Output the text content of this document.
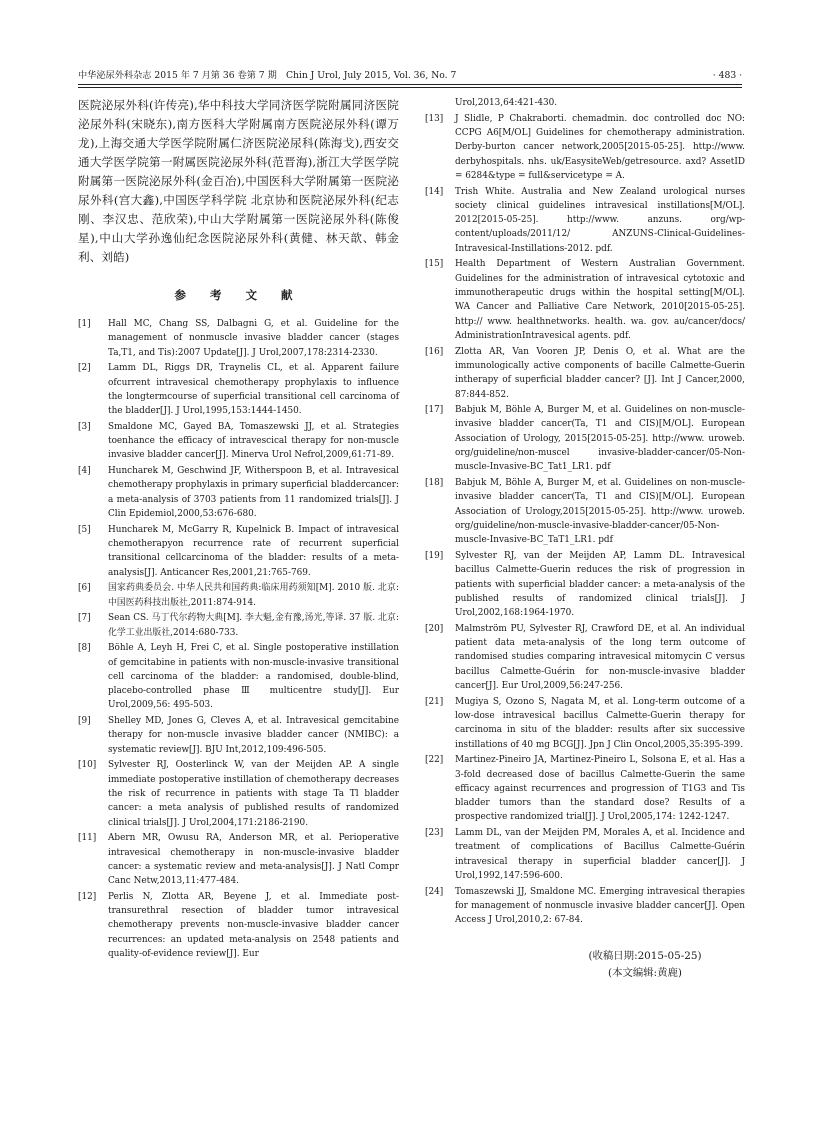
中华泌尿外科杂志 2015 年 7 月第 36 卷第 7 期　Chin J Urol, July 2015, Vol. 36, No. 7	· 483 ·

医院泌尿外科(许传亮),华中科技大学同济医学院附属同济医院泌尿外科(宋晓东),南方医科大学附属南方医院泌尿外科(谭万龙),上海交通大学医学院附属仁济医院泌尿科(陈海戈),西安交通大学医学院第一附属医院泌尿外科(范晋海),浙江大学医学院附属第一医院泌尿外科(金百冶),中国医科大学附属第一医院泌尿外科(宫大鑫),中国医学科学院 北京协和医院泌尿外科(纪志刚、李汉忠、范欣荣),中山大学附属第一医院泌尿外科(陈俊星),中山大学孙逸仙纪念医院泌尿外科(黄健、林天歆、韩金利、刘皓)

参 考 文 献
[1]	Hall MC, Chang SS, Dalbagni G, et al. Guideline for the management of nonmuscle invasive bladder cancer (stages Ta,T1, and Tis):2007 Update[J]. J Urol,2007,178:2314-2330.
[2]	Lamm DL, Riggs DR, Traynelis CL, et al. Apparent failure ofcurrent intravesical chemotherapy prophylaxis to influence the longtermcourse of superficial transitional cell carcinoma of the bladder[J]. J Urol,1995,153:1444-1450.
[3]	Smaldone MC, Gayed BA, Tomaszewski JJ, et al. Strategies toenhance the efficacy of intravescical therapy for non-muscle invasive bladder cancer[J]. Minerva Urol Nefrol,2009,61:71-89.
[4]	Huncharek M, Geschwind JF, Witherspoon B, et al. Intravesical chemotherapy prophylaxis in primary superficial bladdercancer: a meta-analysis of 3703 patients from 11 randomized trials[J]. J Clin Epidemiol,2000,53:676-680.
[5]	Huncharek M, McGarry R, Kupelnick B. Impact of intravesical chemotherapyon recurrence rate of recurrent superficial transitional cellcarcinoma of the bladder: results of a meta-analysis[J]. Anticancer Res,2001,21:765-769.
[6]	国家药典委员会. 中华人民共和国药典:临床用药须知[M]. 2010 版. 北京:中国医药科技出版社,2011:874-914.
[7]	Sean CS. 马丁代尔药物大典[M]. 李大魁,金有豫,汤光,等译. 37 版. 北京:化学工业出版社,2014:680-733.
[8]	Böhle A, Leyh H, Frei C, et al. Single postoperative instillation of gemcitabine in patients with non-muscle-invasive transitional cell carcinoma of the bladder: a randomised, double-blind, placebo-controlled phase Ⅲ multicentre study[J]. Eur Urol,2009,56: 495-503.
[9]	Shelley MD, Jones G, Cleves A, et al. Intravesical gemcitabine therapy for non-muscle invasive bladder cancer (NMIBC): a systematic review[J]. BJU Int,2012,109:496-505.
[10]	Sylvester RJ, Oosterlinck W, van der Meijden AP. A single immediate postoperative instillation of chemotherapy decreases the risk of recurrence in patients with stage Ta Tl bladder cancer: a meta analysis of published results of randomized clinical trials[J]. J Urol,2004,171:2186-2190.
[11]	Abern MR, Owusu RA, Anderson MR, et al. Perioperative intravesical chemotherapy in non-muscle-invasive bladder cancer: a systematic review and meta-analysis[J]. J Natl Compr Canc Netw,2013,11:477-484.
[12]	Perlis N, Zlotta AR, Beyene J, et al. Immediate post-transurethral resection of bladder tumor intravesical chemotherapy prevents non-muscle-invasive bladder cancer recurrences: an updated meta-analysis on 2548 patients and quality-of-evidence review[J]. Eur
Urol,2013,64:421-430.
[13]	J Slidle, P Chakraborti. chemadmin. doc controlled doc NO: CCPG A6[M/OL] Guidelines for chemotherapy administration. Derby-burton cancer network,2005[2015-05-25]. http://www. derbyhospitals. nhs. uk/EasysiteWeb/getresource. axd? AssetID = 6284&type = full&servicetype = A.
[14]	Trish White. Australia and New Zealand urological nurses society clinical guidelines intravesical instillations[M/OL]. 2012[2015-05-25]. http://www. anzuns. org/wp-content/uploads/2011/12/ ANZUNS-Clinical-Guidelines-Intravesical-Instillations-2012. pdf.
[15]	Health Department of Western Australian Government. Guidelines for the administration of intravesical cytotoxic and immunotherapeutic drugs within the hospital setting[M/OL]. WA Cancer and Palliative Care Network, 2010[2015-05-25]. http:// www. healthnetworks. health. wa. gov. au/cancer/docs/ AdministrationIntravesical agents. pdf.
[16]	Zlotta AR, Van Vooren JP, Denis O, et al. What are the immunologically active components of bacille Calmette-Guerin intherapy of superficial bladder cancer? [J]. Int J Cancer,2000, 87:844-852.
[17]	Babjuk M, Böhle A, Burger M, et al. Guidelines on non-muscle-invasive bladder cancer(Ta, T1 and CIS)[M/OL]. European Association of Urology, 2015[2015-05-25]. http://www. uroweb. org/guideline/non-muscel invasive-bladder-cancer/05-Non-muscle-Invasive-BC_Tat1_LR1. pdf
[18]	Babjuk M, Böhle A, Burger M, et al. Guidelines on non-muscle-invasive bladder cancer(Ta, T1 and CIS)[M/OL]. European Association of Urology,2015[2015-05-25]. http://www. uroweb. org/guideline/non-muscle-invasive-bladder-cancer/05-Non-muscle-Invasive-BC_TaT1_LR1. pdf
[19]	Sylvester RJ, van der Meijden AP, Lamm DL. Intravesical bacillus Calmette-Guerin reduces the risk of progression in patients with superficial bladder cancer: a meta-analysis of the published results of randomized clinical trials[J]. J Urol,2002,168:1964-1970.
[20]	Malmström PU, Sylvester RJ, Crawford DE, et al. An individual patient data meta-analysis of the long term outcome of randomised studies comparing intravesical mitomycin C versus bacillus Calmette-Guérin for non-muscle-invasive bladder cancer[J]. Eur Urol,2009,56:247-256.
[21]	Mugiya S, Ozono S, Nagata M, et al. Long-term outcome of a low-dose intravesical bacillus Calmette-Guerin therapy for carcinoma in situ of the bladder: results after six successive instillations of 40 mg BCG[J]. Jpn J Clin Oncol,2005,35:395-399.
[22]	Martinez-Pineiro JA, Martinez-Pineiro L, Solsona E, et al. Has a 3-fold decreased dose of bacillus Calmette-Guerin the same efficacy against recurrences and progression of T1G3 and Tis bladder tumors than the standard dose? Results of a prospective randomized trial[J]. J Urol,2005,174: 1242-1247.
[23]	Lamm DL, van der Meijden PM, Morales A, et al. Incidence and treatment of complications of Bacillus Calmette-Guérin intravesical therapy in superficial bladder cancer[J]. J Urol,1992,147:596-600.
[24]	Tomaszewski JJ, Smaldone MC. Emerging intravesical therapies for management of nonmuscle invasive bladder cancer[J]. Open Access J Urol,2010,2: 67-84.
(收稿日期:2015-05-25)
(本文编辑:黄鹿)
